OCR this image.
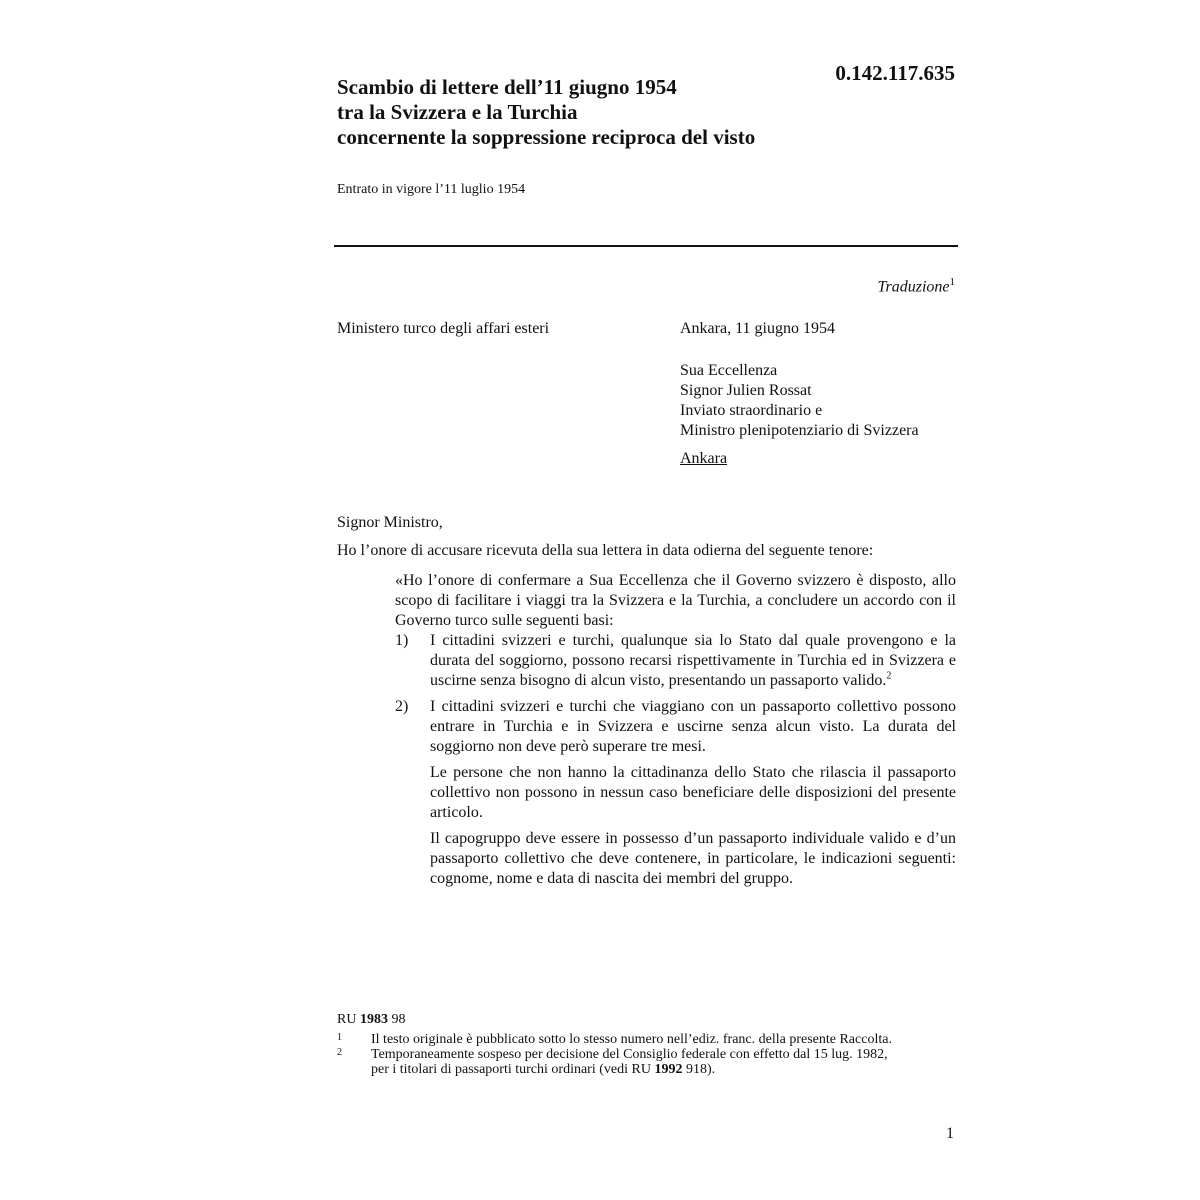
Scambio di lettere dell’11 giugno 1954
tra la Svizzera e la Turchia
concernente la soppressione reciproca del visto
0.142.117.635
Entrato in vigore l’11 luglio 1954
Traduzione$^1$
Ministero turco degli affari esteri	Ankara, 11 giugno 1954
Sua Eccellenza
Signor Julien Rossat
Inviato straordinario e
Ministro plenipotenziario di Svizzera
Ankara
Signor Ministro,
Ho l’onore di accusare ricevuta della sua lettera in data odierna del seguente tenore:

«Ho l’onore di confermare a Sua Eccellenza che il Governo svizzero è disposto, allo scopo di facilitare i viaggi tra la Svizzera e la Turchia, a concludere un accordo con il Governo turco sulle seguenti basi:

1) I cittadini svizzeri e turchi, qualunque sia lo Stato dal quale provengono e la durata del soggiorno, possono recarsi rispettivamente in Turchia ed in Svizzera e uscirne senza bisogno di alcun visto, presentando un passaporto valido.$^2$

2) I cittadini svizzeri e turchi che viaggiano con un passaporto collettivo possono entrare in Turchia e in Svizzera e uscirne senza alcun visto. La durata del soggiorno non deve però superare tre mesi.

Le persone che non hanno la cittadinanza dello Stato che rilascia il passaporto collettivo non possono in nessun caso beneficiare delle disposizioni del presente articolo.

Il capogruppo deve essere in possesso d’un passaporto individuale valido e d’un passaporto collettivo che deve contenere, in particolare, le indicazioni seguenti: cognome, nome e data di nascita dei membri del gruppo.

RU 1983 98
1 Il testo originale è pubblicato sotto lo stesso numero nell’ediz. franc. della presente Raccolta.
2 Temporaneamente sospeso per decisione del Consiglio federale con effetto dal 15 lug. 1982, per i titolari di passaporti turchi ordinari (vedi RU 1992 918).
1
